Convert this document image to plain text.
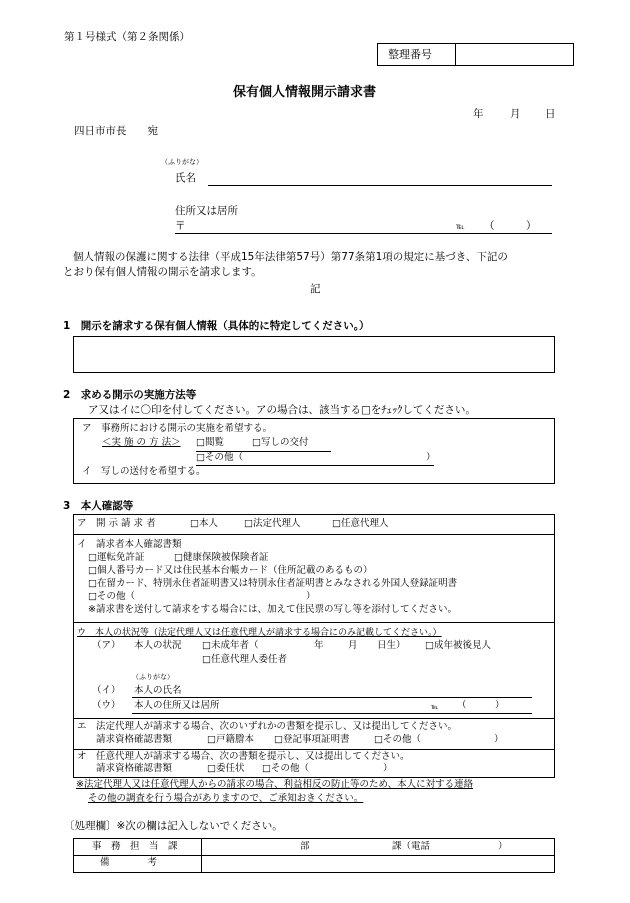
第１号様式（第２条関係）
整理番号
保有個人情報開示請求書
年	月 日
四日市市長　　宛
（ふりがな）
氏名
住所又は居所
〒	℡ （　　　）
個人情報の保護に関する法律（平成15年法律第57号）第77条第1項の規定に基づき、下記の
とおり保有個人情報の開示を請求します。
記
1　開示を請求する保有個人情報（具体的に特定してください。）
2　求める開示の実施方法等
ア又はイに〇印を付してください。アの場合は、該当する□をﾁｪｯｸしてください。
ア　事務所における開示の実施を希望する。
＜実 施 の 方 法＞ □閲覧	□写しの交付
□その他（	）
イ　写しの送付を希望する。
3　本人確認等
ア　開 示 請 求 者	□本人	□法定代理人	□任意代理人
イ　請求者本人確認書類
□運転免許証	□健康保険被保険者証
□個人番号カード又は住民基本台帳カード（住所記載のあるもの）
□在留カード、特別永住者証明書又は特別永住者証明書とみなされる外国人登録証明書
□その他（　　　　　　　　　　　　　　　　　　）
※請求書を送付して請求をする場合には、加えて住民票の写し等を添付してください。
ウ　本人の状況等（法定代理人又は任意代理人が請求する場合にのみ記載してください。）
（ア） 本人の状況 □未成年者（	年	月 日生） □成年被後見人
□任意代理人委任者
（ふりがな）
（イ） 本人の氏名
（ウ） 本人の住所又は居所	℡ （　　　）
エ　法定代理人が請求する場合、次のいずれかの書類を提示し、又は提出してください。
請求資格確認書類	□戸籍謄本 □登記事項証明書	□その他（	）
オ　任意代理人が請求する場合、次の書類を提示し、又は提出してください。
請求資格確認書類	□委任状 □その他（	）
※法定代理人又は任意代理人からの請求の場合、利益相反の防止等のため、本人に対する連絡
その他の調査を行う場合がありますので、ご承知おきください。
〔処理欄〕※次の欄は記入しないでください。
事　務　担　当　課	部	課（電話	）
備　　　　考
